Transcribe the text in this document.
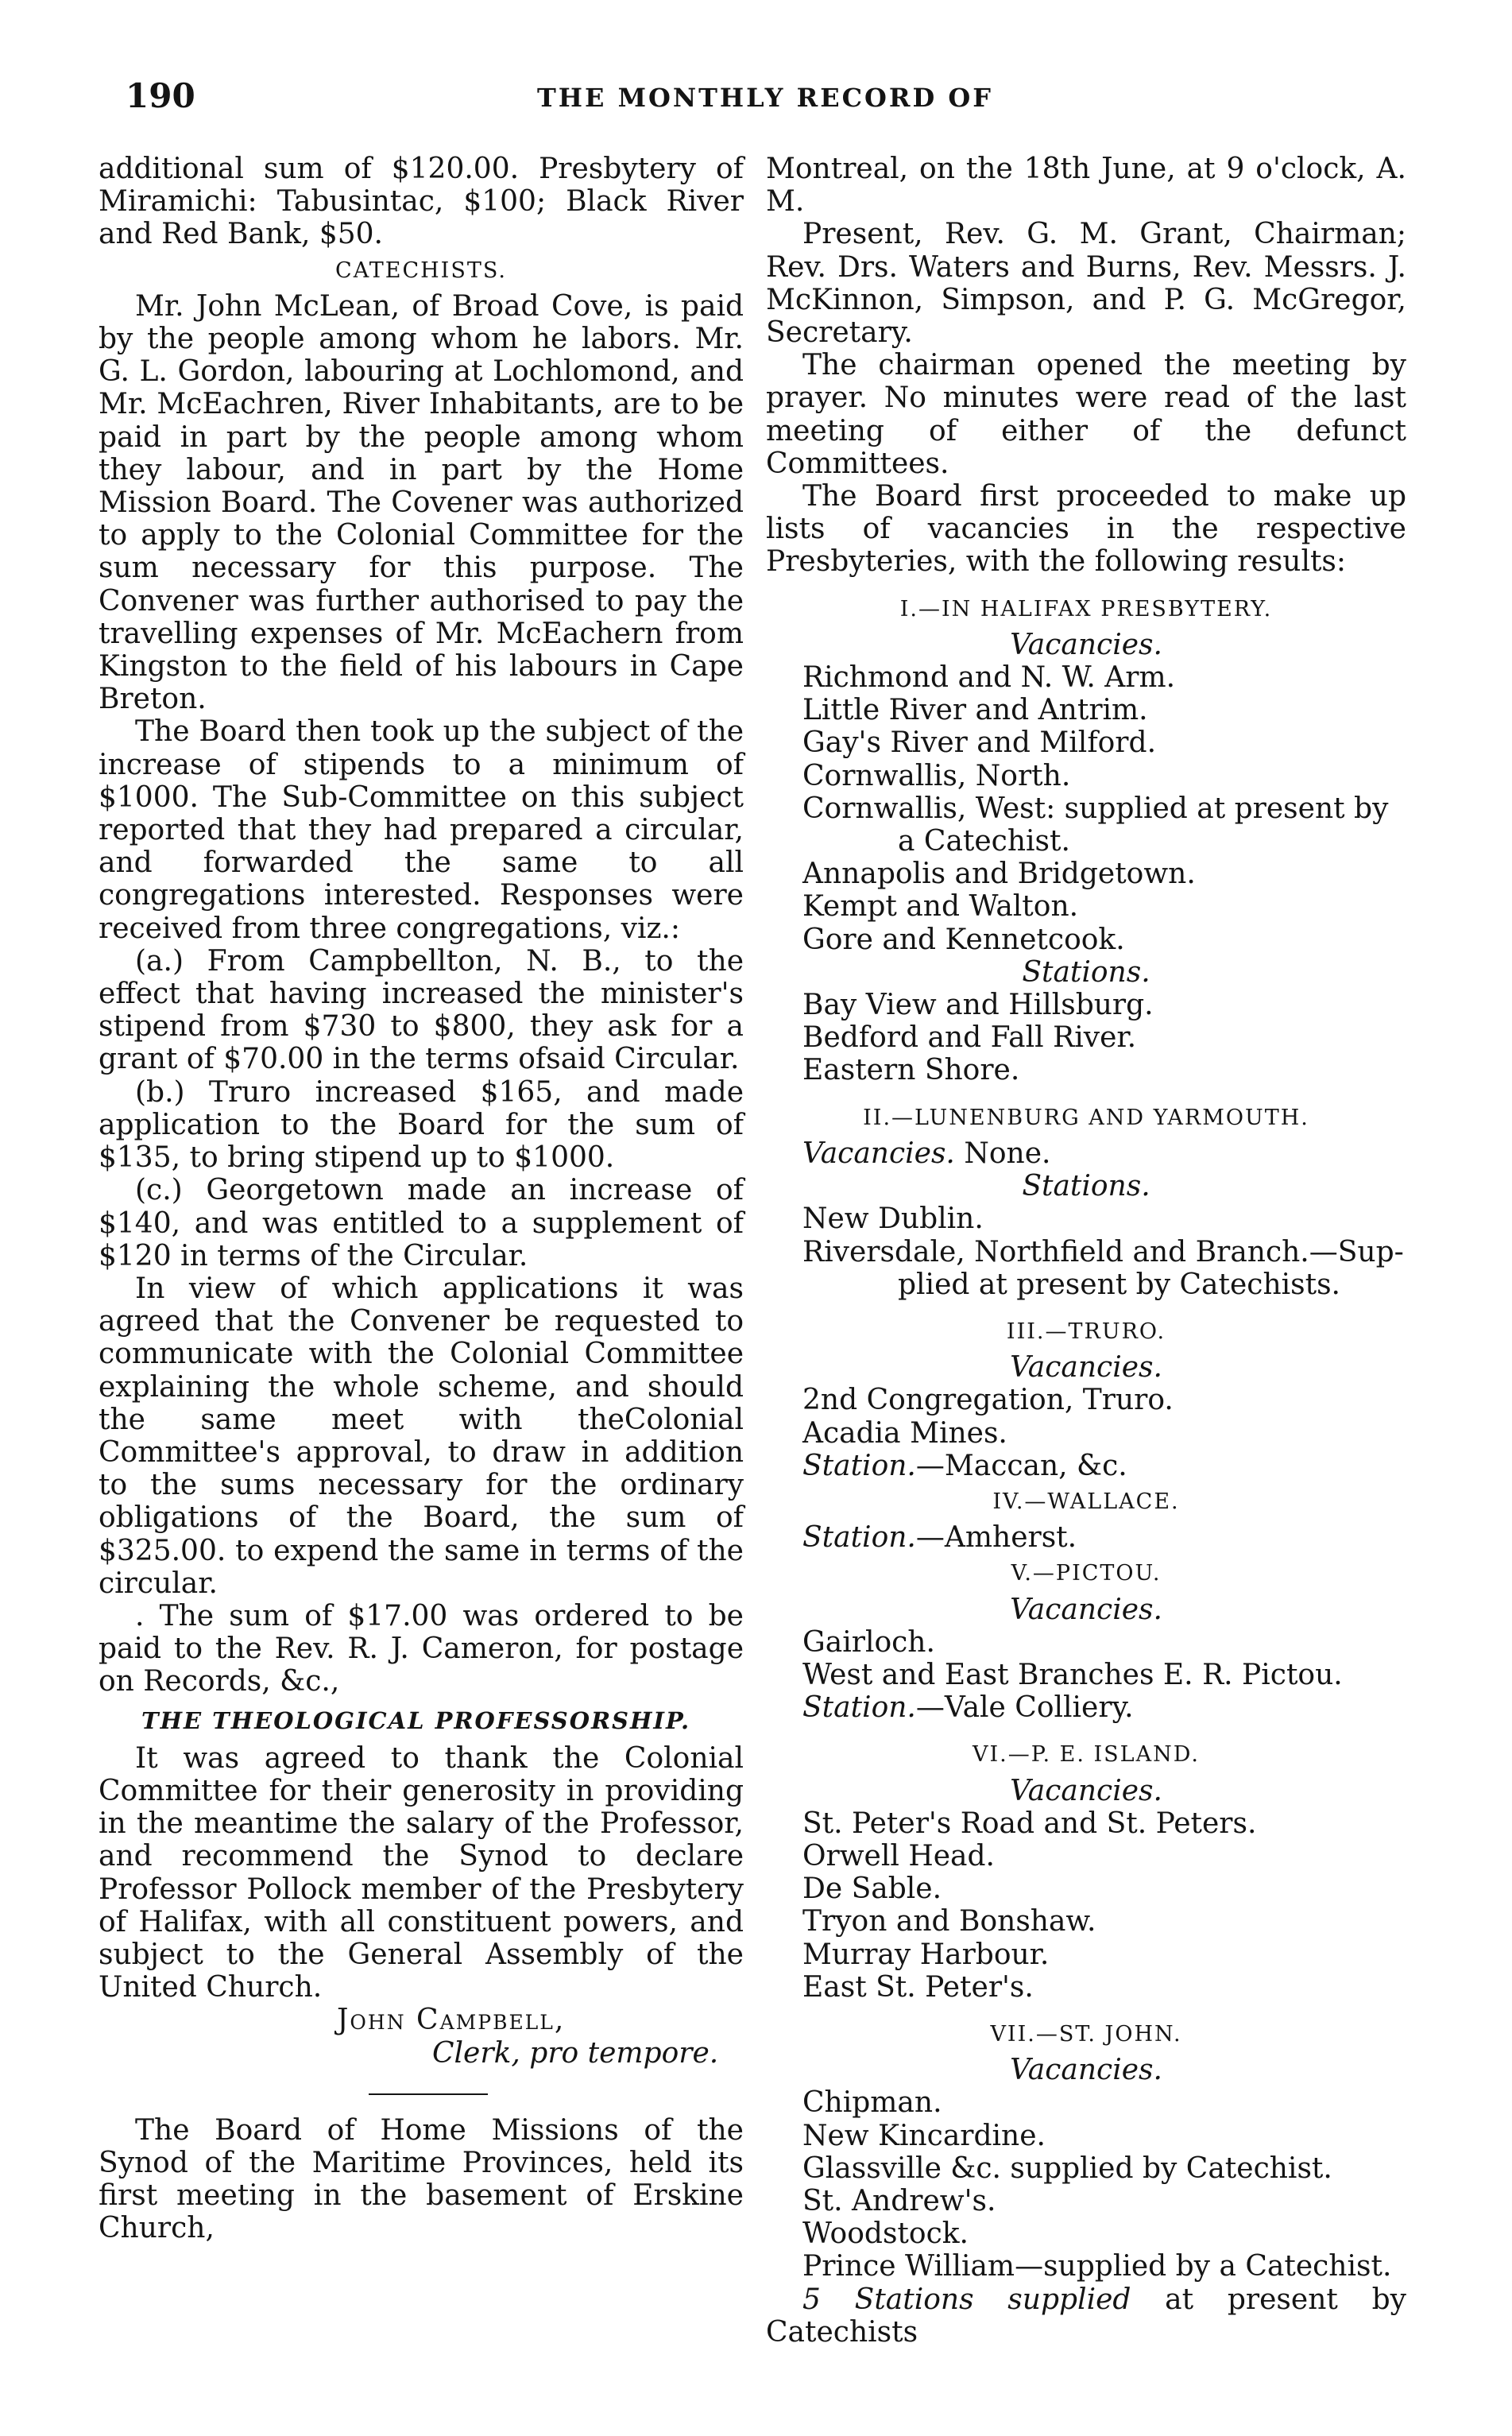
190	THE MONTHLY RECORD OF

additional sum of $120.00. Presbytery of Miramichi: Tabusintac, $100; Black River and Red Bank, $50.

CATECHISTS.

Mr. John McLean, of Broad Cove, is paid by the people among whom he labors. Mr. G. L. Gordon, labouring at Lochlomond, and Mr. McEachren, River Inhabitants, are to be paid in part by the people among whom they labour, and in part by the Home Mission Board. The Covener was authorized to apply to the Colonial Committee for the sum necessary for this purpose. The Convener was further authorised to pay the travelling expenses of Mr. McEachern from Kingston to the field of his labours in Cape Breton.

The Board then took up the subject of the increase of stipends to a minimum of $1000. The Sub-Committee on this subject reported that they had prepared a circular, and forwarded the same to all congregations interested. Responses were received from three congregations, viz.:

(a.) From Campbellton, N. B., to the effect that having increased the minister's stipend from $730 to $800, they ask for a grant of $70.00 in the terms ofsaid Circular.

(b.) Truro increased $165, and made application to the Board for the sum of $135, to bring stipend up to $1000.

(c.) Georgetown made an increase of $140, and was entitled to a supplement of $120 in terms of the Circular.

In view of which applications it was agreed that the Convener be requested to communicate with the Colonial Committee explaining the whole scheme, and should the same meet with theColonial Committee's approval, to draw in addition to the sums necessary for the ordinary obligations of the Board, the sum of $325.00. to expend the same in terms of the circular.

. The sum of $17.00 was ordered to be paid to the Rev. R. J. Cameron, for postage on Records, &c.,

THE THEOLOGICAL PROFESSORSHIP.

It was agreed to thank the Colonial Committee for their generosity in providing in the meantime the salary of the Professor, and recommend the Synod to declare Professor Pollock member of the Presbytery of Halifax, with all constituent powers, and subject to the General Assembly of the United Church.

John Campbell,
Clerk, pro tempore.

The Board of Home Missions of the Synod of the Maritime Provinces, held its first meeting in the basement of Erskine Church,

Montreal, on the 18th June, at 9 o'clock, A. M.

Present, Rev. G. M. Grant, Chairman; Rev. Drs. Waters and Burns, Rev. Messrs. J. McKinnon, Simpson, and P. G. McGregor, Secretary.

The chairman opened the meeting by prayer. No minutes were read of the last meeting of either of the defunct Committees.

The Board first proceeded to make up lists of vacancies in the respective Presbyteries, with the following results:

I.—IN HALIFAX PRESBYTERY.

Vacancies.

Richmond and N. W. Arm.
Little River and Antrim.
Gay's River and Milford.
Cornwallis, North.
Cornwallis, West: supplied at present by
a Catechist.
Annapolis and Bridgetown.
Kempt and Walton.
Gore and Kennetcook.

Stations.

Bay View and Hillsburg.
Bedford and Fall River.
Eastern Shore.

II.—LUNENBURG AND YARMOUTH.

Vacancies. None.

Stations.

New Dublin.
Riversdale, Northfield and Branch.—Sup-
plied at present by Catechists.

III.—TRURO.

Vacancies.

2nd Congregation, Truro.
Acadia Mines.
Station.—Maccan, &c.

IV.—WALLACE.

Station.—Amherst.

V.—PICTOU.

Vacancies.

Gairloch.
West and East Branches E. R. Pictou.
Station.—Vale Colliery.

VI.—P. E. ISLAND.

Vacancies.

St. Peter's Road and St. Peters.
Orwell Head.
De Sable.
Tryon and Bonshaw.
Murray Harbour.
East St. Peter's.

VII.—ST. JOHN.

Vacancies.

Chipman.
New Kincardine.
Glassville &c. supplied by Catechist.
St. Andrew's.
Woodstock.
Prince William—supplied by a Catechist.

5 Stations supplied at present by Catechists
